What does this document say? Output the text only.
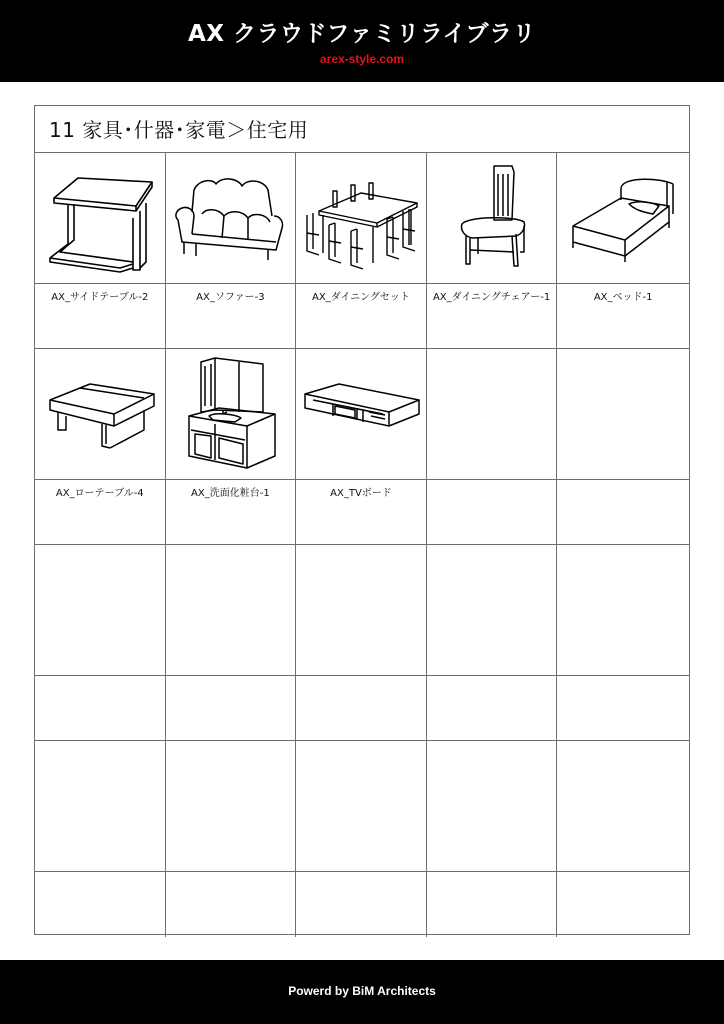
AX クラウドファミリライブラリ
arex-style.com
11 家具･什器･家電＞住宅用
AX_サイドテーブル-2	AX_ソファー-3	AX_ダイニングセット	AX_ダイニングチェアー-1	AX_ベッド-1
AX_ローテーブル-4	AX_洗面化粧台-1	AX_TVボード
Powerd by BiM Architects
